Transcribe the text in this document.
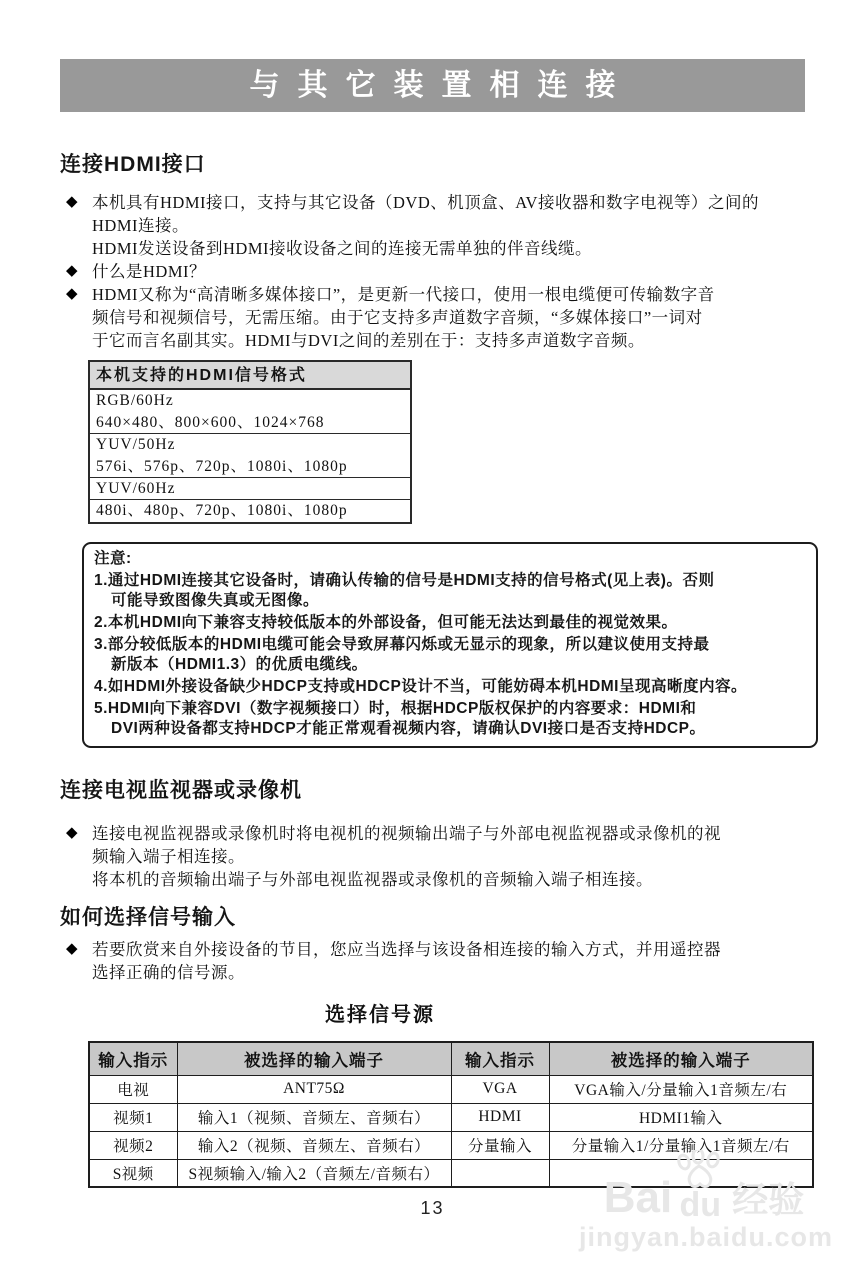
与其它装置相连接
连接HDMI接口
◆ 本机具有HDMI接口，支持与其它设备（DVD、机顶盒、AV接收器和数字电视等）之间的
HDMI连接。
HDMI发送设备到HDMI接收设备之间的连接无需单独的伴音线缆。
◆ 什么是HDMI？
◆ HDMI又称为“高清晰多媒体接口”，是更新一代接口，使用一根电缆便可传输数字音
频信号和视频信号，无需压缩。由于它支持多声道数字音频，“多媒体接口”一词对
于它而言名副其实。HDMI与DVI之间的差别在于：支持多声道数字音频。
本机支持的HDMI信号格式
RGB/60Hz
640×480、800×600、1024×768
YUV/50Hz
576i、576p、720p、1080i、1080p
YUV/60Hz
480i、480p、720p、1080i、1080p
注意:
1.通过HDMI连接其它设备时，请确认传输的信号是HDMI支持的信号格式(见上表)。否则
可能导致图像失真或无图像。
2.本机HDMI向下兼容支持较低版本的外部设备，但可能无法达到最佳的视觉效果。
3.部分较低版本的HDMI电缆可能会导致屏幕闪烁或无显示的现象，所以建议使用支持最
新版本（HDMI1.3）的优质电缆线。
4.如HDMI外接设备缺少HDCP支持或HDCP设计不当，可能妨碍本机HDMI呈现高晰度内容。
5.HDMI向下兼容DVI（数字视频接口）时，根据HDCP版权保护的内容要求：HDMI和
DVI两种设备都支持HDCP才能正常观看视频内容，请确认DVI接口是否支持HDCP。
连接电视监视器或录像机
◆ 连接电视监视器或录像机时将电视机的视频输出端子与外部电视监视器或录像机的视
频输入端子相连接。
将本机的音频输出端子与外部电视监视器或录像机的音频输入端子相连接。
如何选择信号输入
◆ 若要欣赏来自外接设备的节目，您应当选择与该设备相连接的输入方式，并用遥控器
选择正确的信号源。
选择信号源
输入指示	被选择的输入端子	输入指示	被选择的输入端子
电视	ANT75Ω	VGA	VGA输入/分量输入1音频左/右
视频1	输入1（视频、音频左、音频右）	HDMI	HDMI1输入
视频2	输入2（视频、音频左、音频右）	分量输入	分量输入1/分量输入1音频左/右
S视频	S视频输入/输入2（音频左/音频右）		
13	Bai du 经验
jingyan.baidu.com
